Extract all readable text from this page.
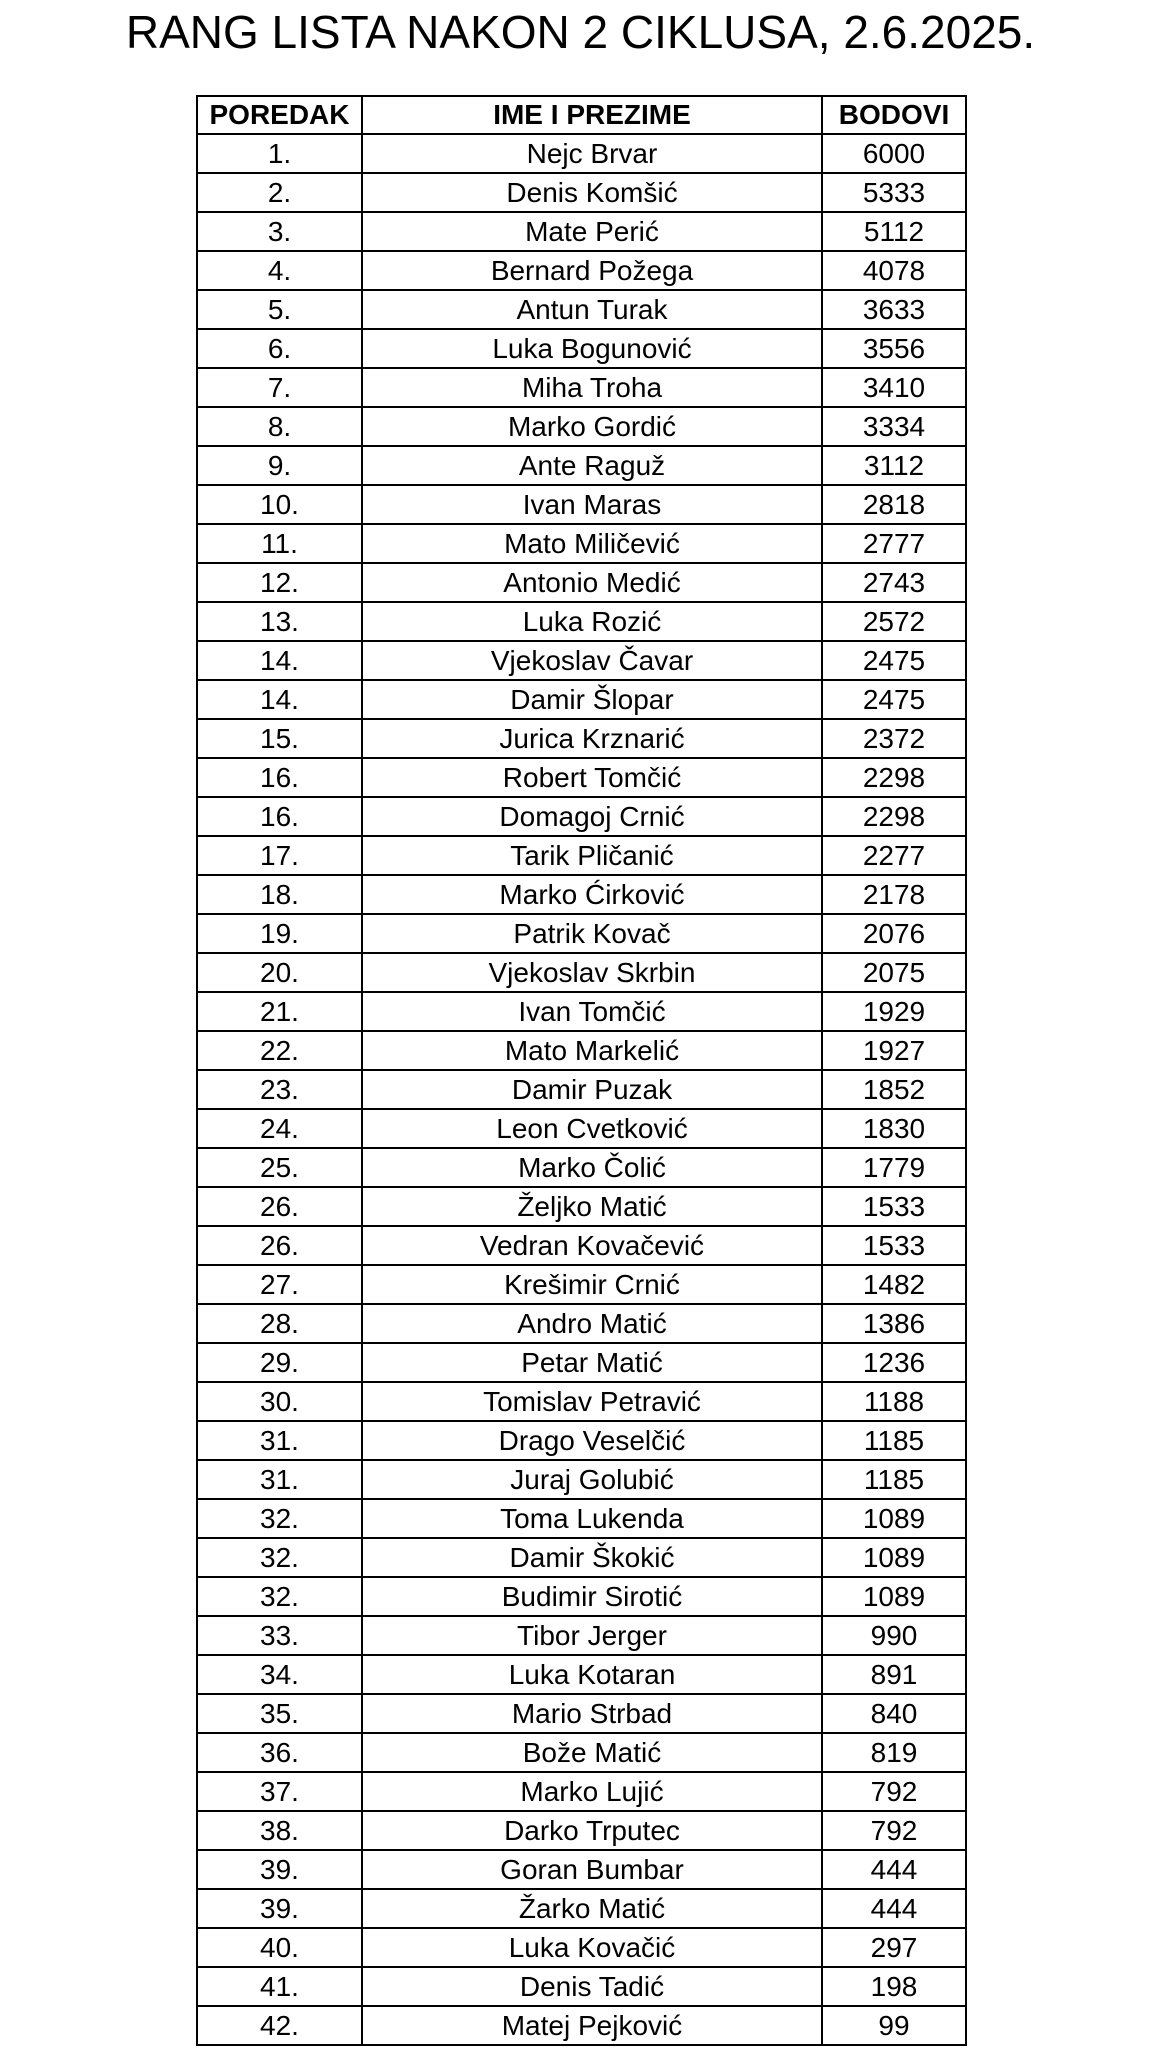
RANG LISTA NAKON 2 CIKLUSA, 2.6.2025.
POREDAK	IME I PREZIME	BODOVI
1.	Nejc Brvar	6000
2.	Denis Komšić	5333
3.	Mate Perić	5112
4.	Bernard Požega	4078
5.	Antun Turak	3633
6.	Luka Bogunović	3556
7.	Miha Troha	3410
8.	Marko Gordić	3334
9.	Ante Raguž	3112
10.	Ivan Maras	2818
11.	Mato Miličević	2777
12.	Antonio Medić	2743
13.	Luka Rozić	2572
14.	Vjekoslav Čavar	2475
14.	Damir Šlopar	2475
15.	Jurica Krznarić	2372
16.	Robert Tomčić	2298
16.	Domagoj Crnić	2298
17.	Tarik Pličanić	2277
18.	Marko Ćirković	2178
19.	Patrik Kovač	2076
20.	Vjekoslav Skrbin	2075
21.	Ivan Tomčić	1929
22.	Mato Markelić	1927
23.	Damir Puzak	1852
24.	Leon Cvetković	1830
25.	Marko Čolić	1779
26.	Željko Matić	1533
26.	Vedran Kovačević	1533
27.	Krešimir Crnić	1482
28.	Andro Matić	1386
29.	Petar Matić	1236
30.	Tomislav Petravić	1188
31.	Drago Veselčić	1185
31.	Juraj Golubić	1185
32.	Toma Lukenda	1089
32.	Damir Škokić	1089
32.	Budimir Sirotić	1089
33.	Tibor Jerger	990
34.	Luka Kotaran	891
35.	Mario Strbad	840
36.	Bože Matić	819
37.	Marko Lujić	792
38.	Darko Trputec	792
39.	Goran Bumbar	444
39.	Žarko Matić	444
40.	Luka Kovačić	297
41.	Denis Tadić	198
42.	Matej Pejković	99
